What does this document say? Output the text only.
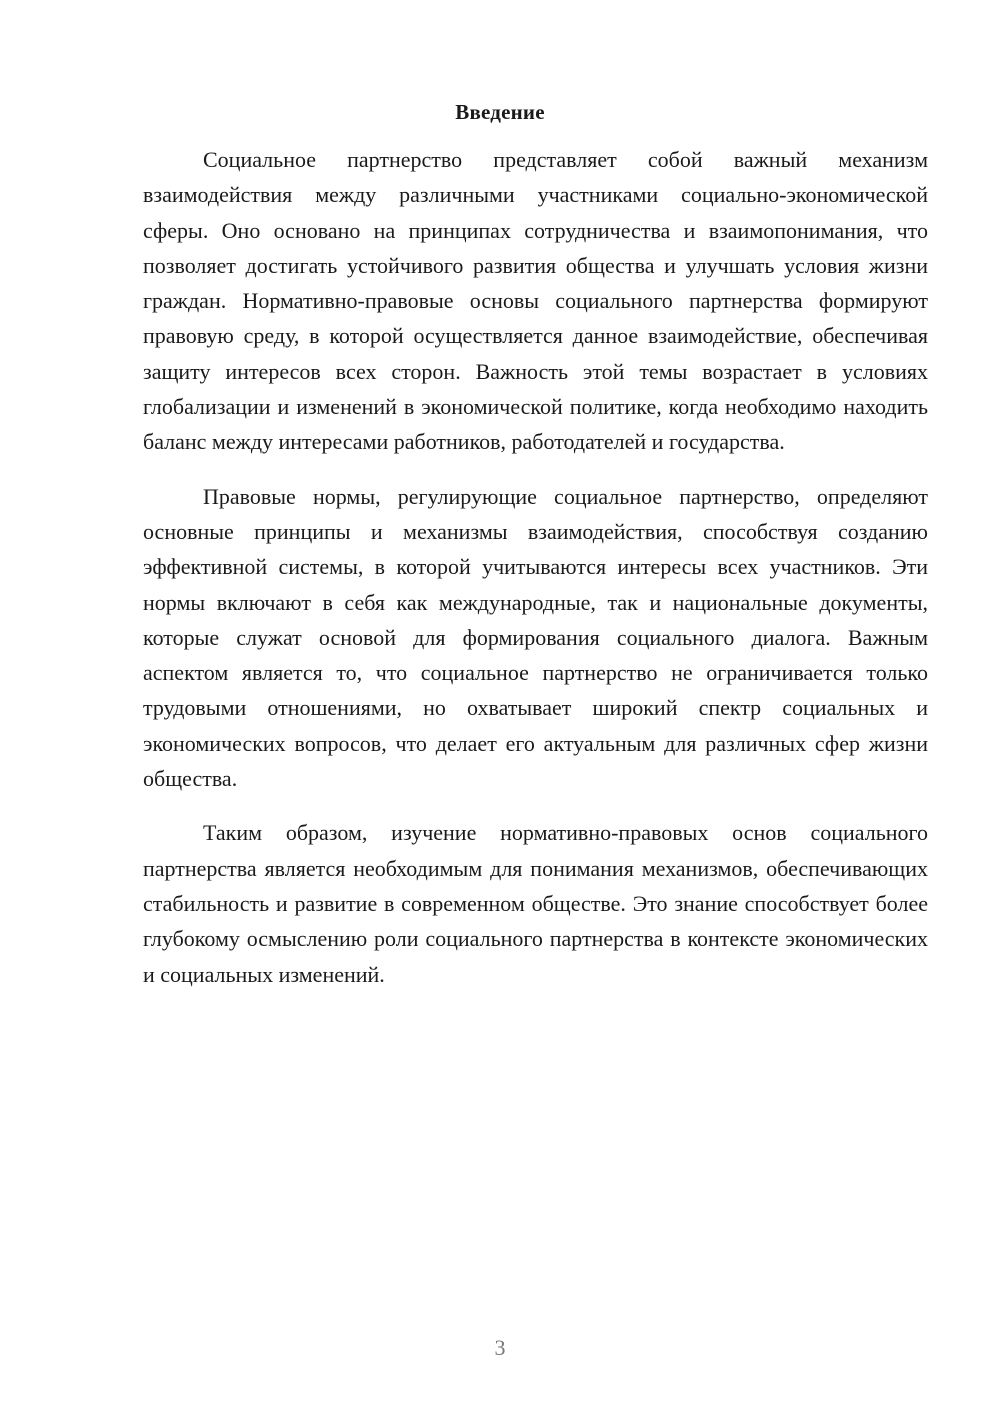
Введение

Социальное партнерство представляет собой важный механизм взаимодействия между различными участниками социально-экономической сферы. Оно основано на принципах сотрудничества и взаимопонимания, что позволяет достигать устойчивого развития общества и улучшать условия жизни граждан. Нормативно-правовые основы социального партнерства формируют правовую среду, в которой осуществляется данное взаимодействие, обеспечивая защиту интересов всех сторон. Важность этой темы возрастает в условиях глобализации и изменений в экономической политике, когда необходимо находить баланс между интересами работников, работодателей и государства.

Правовые нормы, регулирующие социальное партнерство, определяют основные принципы и механизмы взаимодействия, способствуя созданию эффективной системы, в которой учитываются интересы всех участников. Эти нормы включают в себя как международные, так и национальные документы, которые служат основой для формирования социального диалога. Важным аспектом является то, что социальное партнерство не ограничивается только трудовыми отношениями, но охватывает широкий спектр социальных и экономических вопросов, что делает его актуальным для различных сфер жизни общества.

Таким образом, изучение нормативно-правовых основ социального партнерства является необходимым для понимания механизмов, обеспечивающих стабильность и развитие в современном обществе. Это знание способствует более глубокому осмыслению роли социального партнерства в контексте экономических и социальных изменений.

3
